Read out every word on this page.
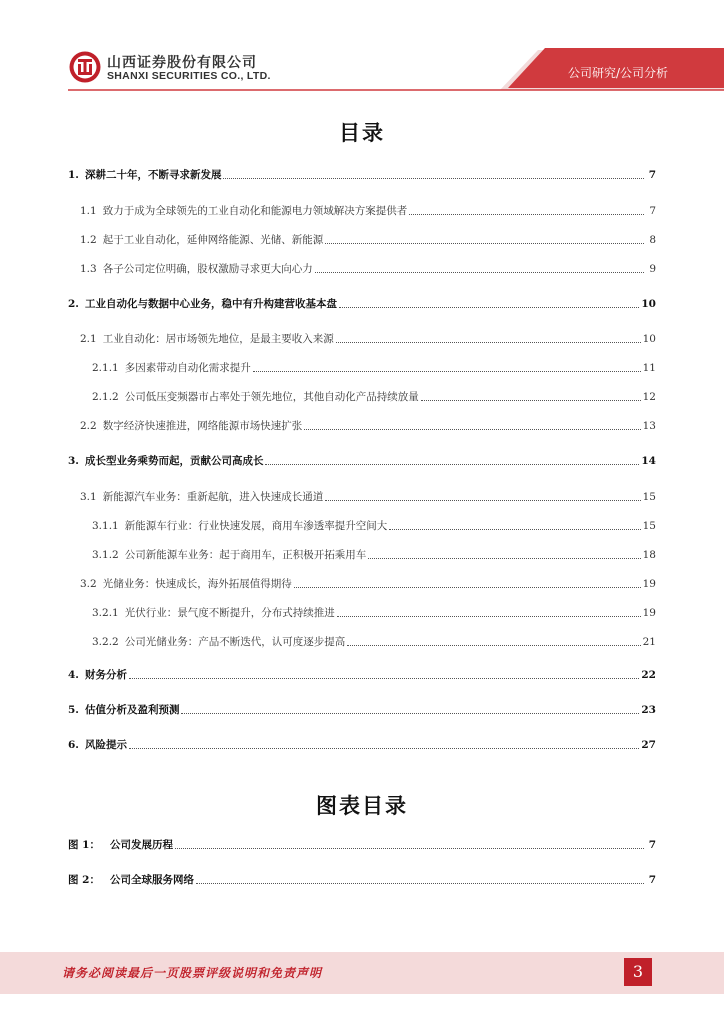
山西证券股份有限公司
SHANXI SECURITIES CO., LTD.	公司研究/公司分析
目录
1. 深耕二十年，不断寻求新发展	7
1.1 致力于成为全球领先的工业自动化和能源电力领域解决方案提供者	7
1.2 起于工业自动化，延伸网络能源、光储、新能源	8
1.3 各子公司定位明确，股权激励寻求更大向心力	9
2. 工业自动化与数据中心业务，稳中有升构建营收基本盘	10
2.1 工业自动化：居市场领先地位，是最主要收入来源	10
2.1.1 多因素带动自动化需求提升	11
2.1.2 公司低压变频器市占率处于领先地位，其他自动化产品持续放量	12
2.2 数字经济快速推进，网络能源市场快速扩张	13
3. 成长型业务乘势而起，贡献公司高成长	14
3.1 新能源汽车业务：重新起航，进入快速成长通道	15
3.1.1 新能源车行业：行业快速发展，商用车渗透率提升空间大	15
3.1.2 公司新能源车业务：起于商用车，正积极开拓乘用车	18
3.2 光储业务：快速成长，海外拓展值得期待	19
3.2.1 光伏行业：景气度不断提升，分布式持续推进	19
3.2.2 公司光储业务：产品不断迭代，认可度逐步提高	21
4. 财务分析	22
5. 估值分析及盈利预测	23
6. 风险提示	27
图表目录
图 1： 公司发展历程	7
图 2： 公司全球服务网络	7
请务必阅读最后一页股票评级说明和免责声明	3
